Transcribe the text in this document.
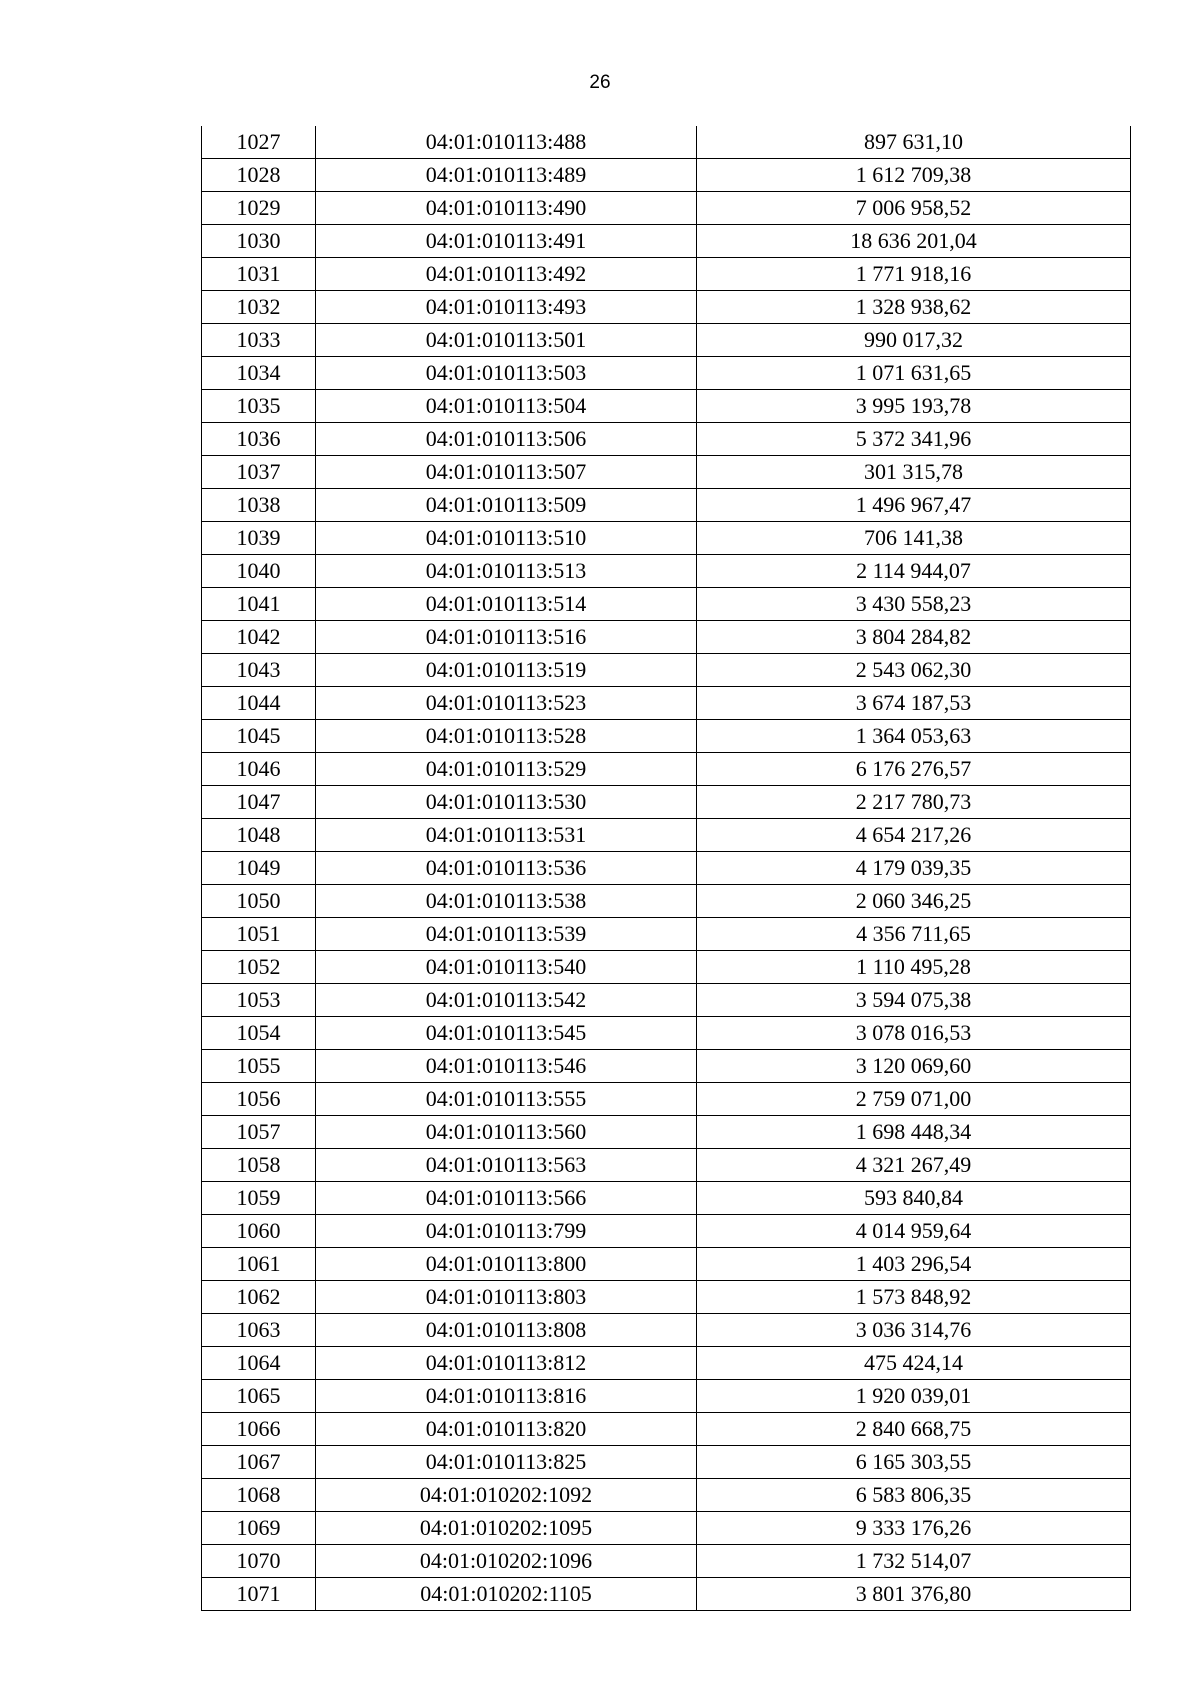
26
1027	04:01:010113:488	897 631,10
1028	04:01:010113:489	1 612 709,38
1029	04:01:010113:490	7 006 958,52
1030	04:01:010113:491	18 636 201,04
1031	04:01:010113:492	1 771 918,16
1032	04:01:010113:493	1 328 938,62
1033	04:01:010113:501	990 017,32
1034	04:01:010113:503	1 071 631,65
1035	04:01:010113:504	3 995 193,78
1036	04:01:010113:506	5 372 341,96
1037	04:01:010113:507	301 315,78
1038	04:01:010113:509	1 496 967,47
1039	04:01:010113:510	706 141,38
1040	04:01:010113:513	2 114 944,07
1041	04:01:010113:514	3 430 558,23
1042	04:01:010113:516	3 804 284,82
1043	04:01:010113:519	2 543 062,30
1044	04:01:010113:523	3 674 187,53
1045	04:01:010113:528	1 364 053,63
1046	04:01:010113:529	6 176 276,57
1047	04:01:010113:530	2 217 780,73
1048	04:01:010113:531	4 654 217,26
1049	04:01:010113:536	4 179 039,35
1050	04:01:010113:538	2 060 346,25
1051	04:01:010113:539	4 356 711,65
1052	04:01:010113:540	1 110 495,28
1053	04:01:010113:542	3 594 075,38
1054	04:01:010113:545	3 078 016,53
1055	04:01:010113:546	3 120 069,60
1056	04:01:010113:555	2 759 071,00
1057	04:01:010113:560	1 698 448,34
1058	04:01:010113:563	4 321 267,49
1059	04:01:010113:566	593 840,84
1060	04:01:010113:799	4 014 959,64
1061	04:01:010113:800	1 403 296,54
1062	04:01:010113:803	1 573 848,92
1063	04:01:010113:808	3 036 314,76
1064	04:01:010113:812	475 424,14
1065	04:01:010113:816	1 920 039,01
1066	04:01:010113:820	2 840 668,75
1067	04:01:010113:825	6 165 303,55
1068	04:01:010202:1092	6 583 806,35
1069	04:01:010202:1095	9 333 176,26
1070	04:01:010202:1096	1 732 514,07
1071	04:01:010202:1105	3 801 376,80
